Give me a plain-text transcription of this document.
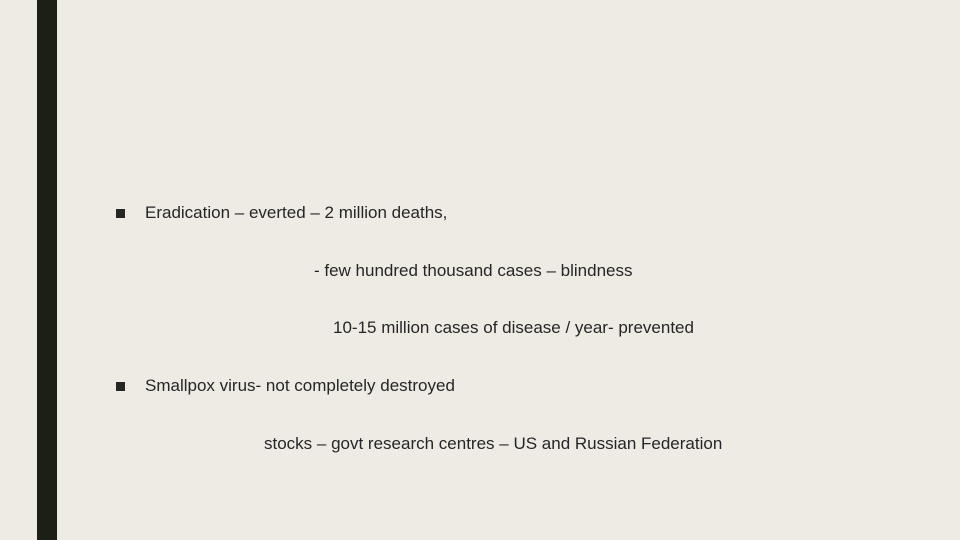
Eradication – everted – 2 million deaths,
- few hundred thousand cases – blindness
10-15 million cases of disease / year- prevented
Smallpox virus- not completely destroyed
stocks – govt research centres – US and Russian Federation
